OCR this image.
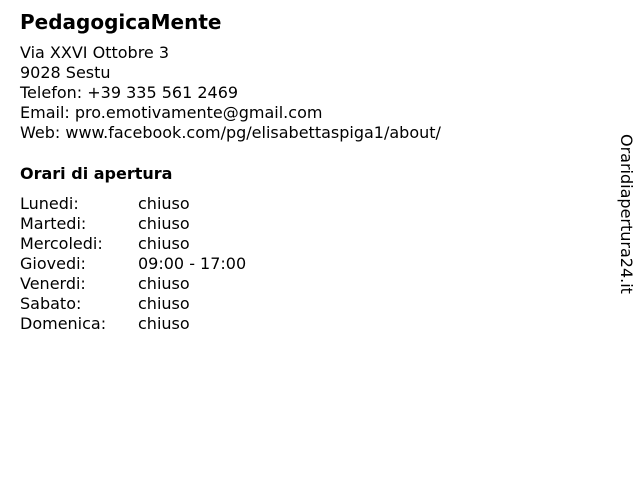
PedagogicaMente
Via XXVI Ottobre 3
9028 Sestu
Telefon: +39 335 561 2469
Email: pro.emotivamente@gmail.com
Web: www.facebook.com/pg/elisabettaspiga1/about/
Orari di apertura
Lunedi:	chiuso
Martedi:	chiuso
Mercoledi: chiuso
Giovedi:	09:00 - 17:00
Venerdi:	chiuso
Sabato:	chiuso
Domenica: chiuso
Oraridiapertura24.it
